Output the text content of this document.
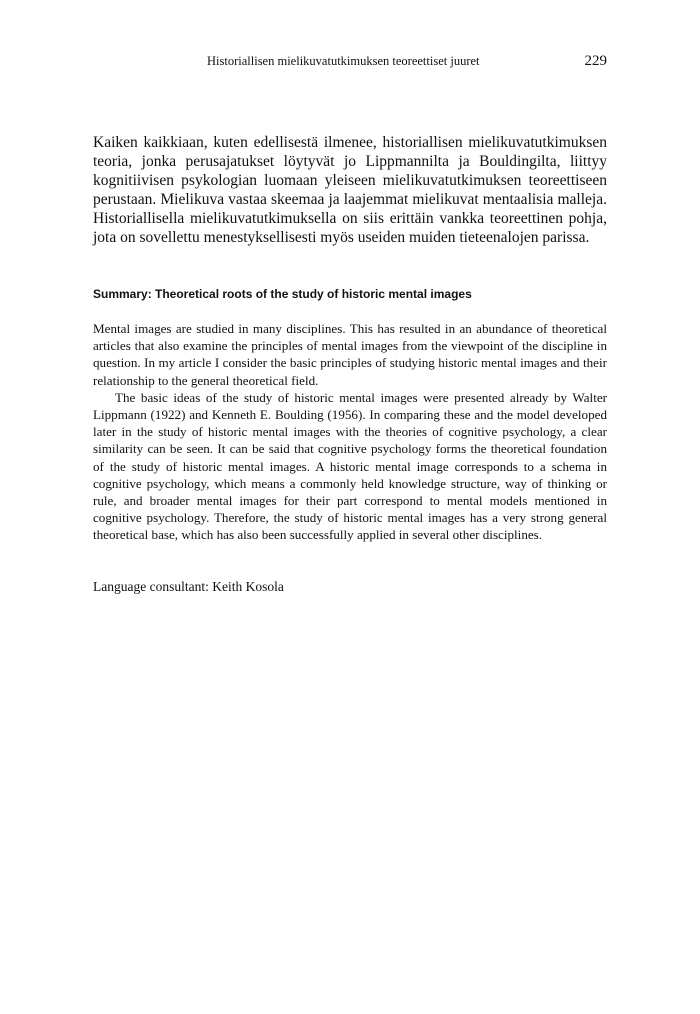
Historiallisen mielikuvatutkimuksen teoreettiset juuret	229

Kaiken kaikkiaan, kuten edellisestä ilmenee, historiallisen mielikuvatutkimuksen teoria, jonka perusajatukset löytyvät jo Lippmannilta ja Bouldingilta, liittyy kognitiivisen psykologian luomaan yleiseen mielikuvatutkimuksen teoreettiseen perustaan. Mielikuva vastaa skeemaa ja laajemmat mielikuvat mentaalisia malleja. Historiallisella mielikuvatutkimuksella on siis erittäin vankka teoreettinen pohja, jota on sovellettu menestyksellisesti myös useiden muiden tieteenalojen parissa.

Summary: Theoretical roots of the study of historic mental images

Mental images are studied in many disciplines. This has resulted in an abundance of theoretical articles that also examine the principles of mental images from the viewpoint of the discipline in question. In my article I consider the basic principles of studying historic mental images and their relationship to the general theoretical field.

The basic ideas of the study of historic mental images were presented already by Walter Lippmann (1922) and Kenneth E. Boulding (1956). In comparing these and the model developed later in the study of historic mental images with the theories of cognitive psychology, a clear similarity can be seen. It can be said that cognitive psychology forms the theoretical foundation of the study of historic mental images. A historic mental image corresponds to a schema in cognitive psychology, which means a commonly held knowledge structure, way of thinking or rule, and broader mental images for their part correspond to mental models mentioned in cognitive psychology. Therefore, the study of historic mental images has a very strong general theoretical base, which has also been successfully applied in several other disciplines.

Language consultant: Keith Kosola
